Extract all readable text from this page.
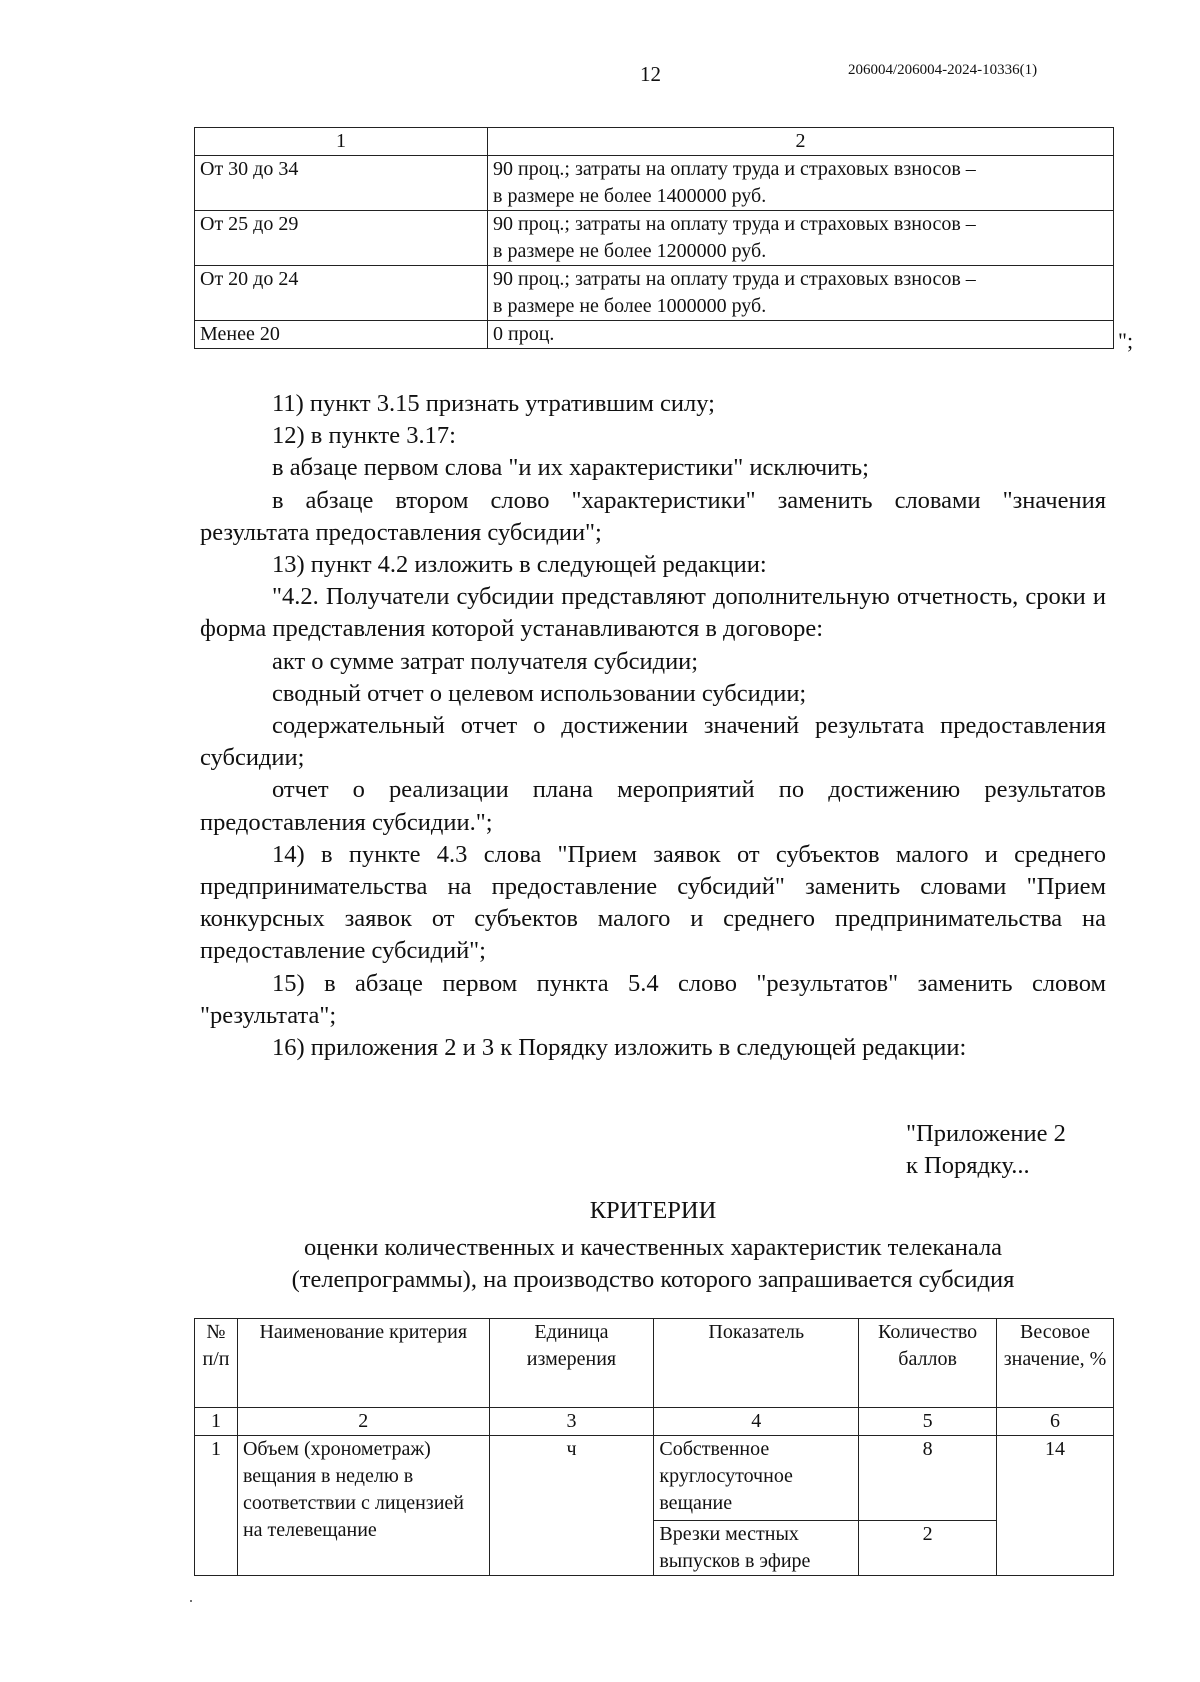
12	206004/206004-2024-10336(1)
1	2
От 30 до 34	90 проц.; затраты на оплату труда и страховых взносов –
в размере не более 1400000 руб.

От 25 до 29	90 проц.; затраты на оплату труда и страховых взносов –
в размере не более 1200000 руб.

От 20 до 24	90 проц.; затраты на оплату труда и страховых взносов –
в размере не более 1000000 руб.

Менее 20	0 проц.	";

11) пункт 3.15 признать утратившим силу;

12) в пункте 3.17:

в абзаце первом слова "и их характеристики" исключить;

в абзаце втором слово "характеристики" заменить словами "значения результата предоставления субсидии";

13) пункт 4.2 изложить в следующей редакции:

"4.2. Получатели субсидии представляют дополнительную отчетность, сроки и форма представления которой устанавливаются в договоре:

акт о сумме затрат получателя субсидии;

сводный отчет о целевом использовании субсидии;

содержательный отчет о достижении значений результата предоставления субсидии;

отчет о реализации плана мероприятий по достижению результатов предоставления субсидии.";

14) в пункте 4.3 слова "Прием заявок от субъектов малого и среднего предпринимательства на предоставление субсидий" заменить словами "Прием конкурсных заявок от субъектов малого и среднего предпринимательства на предоставление субсидий";

15) в абзаце первом пункта 5.4 слово "результатов" заменить словом "результата";

16) приложения 2 и 3 к Порядку изложить в следующей редакции:

"Приложение 2
к Порядку...
КРИТЕРИИ
оценки количественных и качественных характеристик телеканала
(телепрограммы), на производство которого запрашивается субсидия
№ п/п	Наименование критерия	Единица измерения	Показатель	Количество баллов	Весовое значение, %
1	2	3	4	5	6
1	Объем (хронометраж) вещания в неделю в соответствии с лицензией на телевещание	ч	Собственное круглосуточное вещание	8	14
			Врезки местных выпусков в эфире	2	
